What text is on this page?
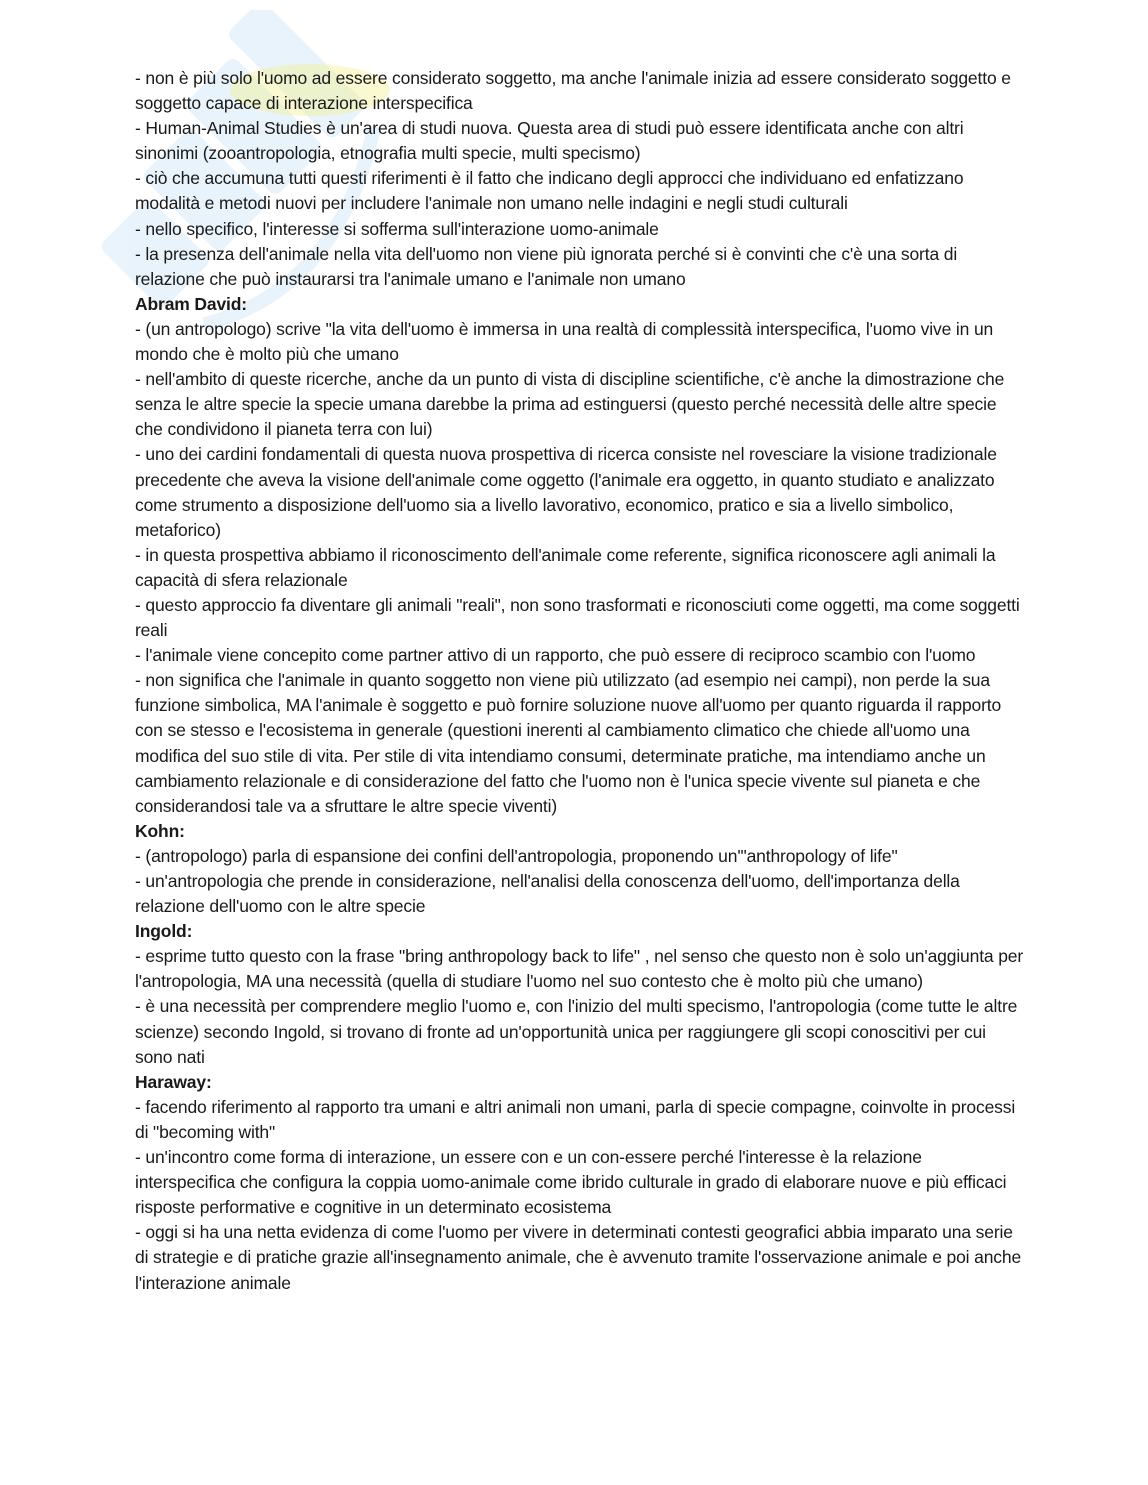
- non è più solo l'uomo ad essere considerato soggetto, ma anche l'animale inizia ad essere considerato soggetto e soggetto capace di interazione interspecifica

- Human-Animal Studies è un'area di studi nuova. Questa area di studi può essere identificata anche con altri sinonimi (zooantropologia, etnografia multi specie, multi specismo)

- ciò che accumuna tutti questi riferimenti è il fatto che indicano degli approcci che individuano ed enfatizzano modalità e metodi nuovi per includere l'animale non umano nelle indagini e negli studi culturali

- nello specifico, l'interesse si sofferma sull'interazione uomo-animale

- la presenza dell'animale nella vita dell'uomo non viene più ignorata perché si è convinti che c'è una sorta di relazione che può instaurarsi tra l'animale umano e l'animale non umano

Abram David:

- (un antropologo) scrive "la vita dell'uomo è immersa in una realtà di complessità interspecifica, l'uomo vive in un mondo che è molto più che umano

- nell'ambito di queste ricerche, anche da un punto di vista di discipline scientifiche, c'è anche la dimostrazione che senza le altre specie la specie umana darebbe la prima ad estinguersi (questo perché necessità delle altre specie che condividono il pianeta terra con lui)

- uno dei cardini fondamentali di questa nuova prospettiva di ricerca consiste nel rovesciare la visione tradizionale precedente che aveva la visione dell'animale come oggetto (l'animale era oggetto, in quanto studiato e analizzato come strumento a disposizione dell'uomo sia a livello lavorativo, economico, pratico e sia a livello simbolico, metaforico)

- in questa prospettiva abbiamo il riconoscimento dell'animale come referente, significa riconoscere agli animali la capacità di sfera relazionale

- questo approccio fa diventare gli animali "reali", non sono trasformati e riconosciuti come oggetti, ma come soggetti reali

- l'animale viene concepito come partner attivo di un rapporto, che può essere di reciproco scambio con l'uomo

- non significa che l'animale in quanto soggetto non viene più utilizzato (ad esempio nei campi), non perde la sua funzione simbolica, MA l'animale è soggetto e può fornire soluzione nuove all'uomo per quanto riguarda il rapporto con se stesso e l'ecosistema in generale (questioni inerenti al cambiamento climatico che chiede all'uomo una modifica del suo stile di vita. Per stile di vita intendiamo consumi, determinate pratiche, ma intendiamo anche un cambiamento relazionale e di considerazione del fatto che l'uomo non è l'unica specie vivente sul pianeta e che considerandosi tale va a sfruttare le altre specie viventi)

Kohn:

- (antropologo) parla di espansione dei confini dell'antropologia, proponendo un'"anthropology of life"

- un'antropologia che prende in considerazione, nell'analisi della conoscenza dell'uomo, dell'importanza della relazione dell'uomo con le altre specie

Ingold:

- esprime tutto questo con la frase "bring anthropology back to life" , nel senso che questo non è solo un'aggiunta per l'antropologia, MA una necessità (quella di studiare l'uomo nel suo contesto che è molto più che umano)

- è una necessità per comprendere meglio l'uomo e, con l'inizio del multi specismo, l'antropologia (come tutte le altre scienze) secondo Ingold, si trovano di fronte ad un'opportunità unica per raggiungere gli scopi conoscitivi per cui sono nati

Haraway:

- facendo riferimento al rapporto tra umani e altri animali non umani, parla di specie compagne, coinvolte in processi di "becoming with"

- un'incontro come forma di interazione, un essere con e un con-essere perché l'interesse è la relazione interspecifica che configura la coppia uomo-animale come ibrido culturale in grado di elaborare nuove e più efficaci risposte performative e cognitive in un determinato ecosistema

- oggi si ha una netta evidenza di come l'uomo per vivere in determinati contesti geografici abbia imparato una serie di strategie e di pratiche grazie all'insegnamento animale, che è avvenuto tramite l'osservazione animale e poi anche l'interazione animale
